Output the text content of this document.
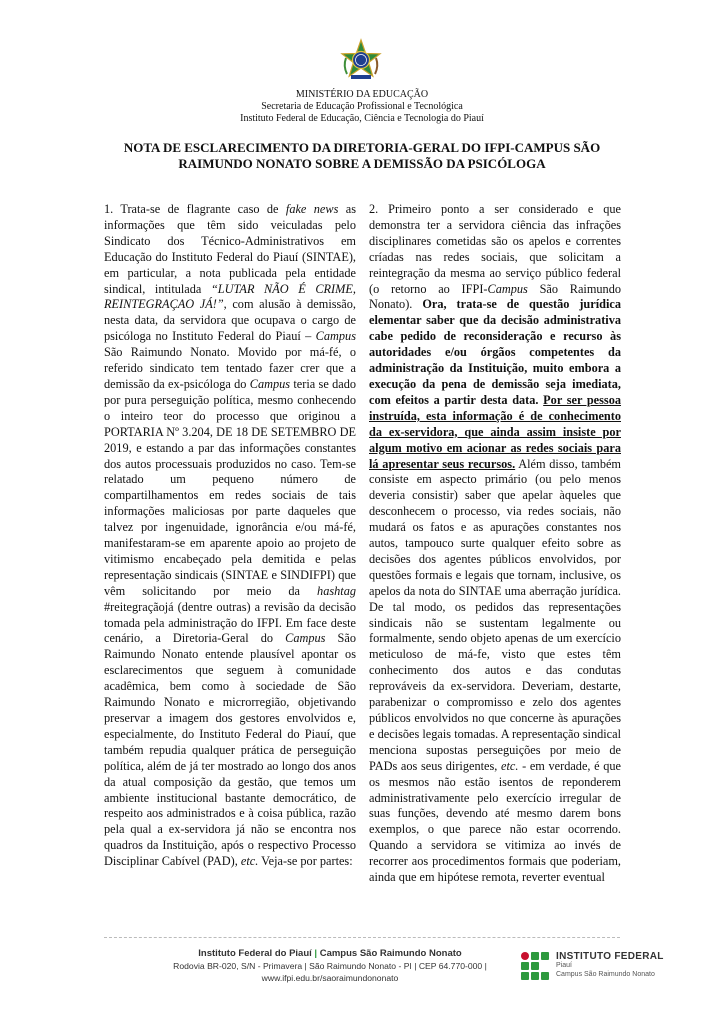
MINISTÉRIO DA EDUCAÇÃO
Secretaria de Educação Profissional e Tecnológica
Instituto Federal de Educação, Ciência e Tecnologia do Piauí
NOTA DE ESCLARECIMENTO DA DIRETORIA-GERAL DO IFPI-CAMPUS SÃO
RAIMUNDO NONATO SOBRE A DEMISSÃO DA PSICÓLOGA

1. Trata-se de flagrante caso de fake news as informações que têm sido veiculadas pelo Sindicato dos Técnico-Administrativos em Educação do Instituto Federal do Piauí (SINTAE), em particular, a nota publicada pela entidade sindical, intitulada “LUTAR NÃO É CRIME, REINTEGRAÇAO JÁ!”, com alusão à demissão, nesta data, da servidora que ocupava o cargo de psicóloga no Instituto Federal do Piauí – Campus São Raimundo Nonato. Movido por má-fé, o referido sindicato tem tentado fazer crer que a demissão da ex-psicóloga do Campus teria se dado por pura perseguição política, mesmo conhecendo o inteiro teor do processo que originou a PORTARIA Nº 3.204, DE 18 DE SETEMBRO DE 2019, e estando a par das informações constantes dos autos processuais produzidos no caso. Tem-se relatado um pequeno número de compartilhamentos em redes sociais de tais informações maliciosas por parte daqueles que talvez por ingenuidade, ignorância e/ou má-fé, manifestaram-se em aparente apoio ao projeto de vitimismo encabeçado pela demitida e pelas representação sindicais (SINTAE e SINDIFPI) que vêm solicitando por meio da hashtag #reitegraçãojá (dentre outras) a revisão da decisão tomada pela administração do IFPI. Em face deste cenário, a Diretoria-Geral do Campus São Raimundo Nonato entende plausível apontar os esclarecimentos que seguem à comunidade acadêmica, bem como à sociedade de São Raimundo Nonato e microrregião, objetivando preservar a imagem dos gestores envolvidos e, especialmente, do Instituto Federal do Piauí, que também repudia qualquer prática de perseguição política, além de já ter mostrado ao longo dos anos da atual composição da gestão, que temos um ambiente institucional bastante democrático, de respeito aos administrados e à coisa pública, razão pela qual a ex-servidora já não se encontra nos quadros da Instituição, após o respectivo Processo Disciplinar Cabível (PAD), etc. Veja-se por partes:

2. Primeiro ponto a ser considerado e que demonstra ter a servidora ciência das infrações disciplinares cometidas são os apelos e correntes críadas nas redes sociais, que solicitam a reintegração da mesma ao serviço público federal (o retorno ao IFPI-Campus São Raimundo Nonato). Ora, trata-se de questão jurídica elementar saber que da decisão administrativa cabe pedido de reconsideração e recurso às autoridades e/ou órgãos competentes da administração da Instituição, muito embora a execução da pena de demissão seja imediata, com efeitos a partir desta data. Por ser pessoa instruída, esta informação é de conhecimento da ex-servidora, que ainda assim insiste por algum motivo em acionar as redes sociais para lá apresentar seus recursos. Além disso, também consiste em aspecto primário (ou pelo menos deveria consistir) saber que apelar àqueles que desconhecem o processo, via redes sociais, não mudará os fatos e as apurações constantes nos autos, tampouco surte qualquer efeito sobre as decisões dos agentes públicos envolvidos, por questões formais e legais que tornam, inclusive, os apelos da nota do SINTAE uma aberração jurídica. De tal modo, os pedidos das representações sindicais não se sustentam legalmente ou formalmente, sendo objeto apenas de um exercício meticuloso de má-fe, visto que estes têm conhecimento dos autos e das condutas reprováveis da ex-servidora. Deveriam, destarte, parabenizar o compromisso e zelo dos agentes públicos envolvidos no que concerne às apurações e decisões legais tomadas. A representação sindical menciona supostas perseguições por meio de PADs aos seus dirigentes, etc. - em verdade, é que os mesmos não estão isentos de reponderem administrativamente pelo exercício irregular de suas funções, devendo até mesmo darem bons exemplos, o que parece não estar ocorrendo. Quando a servidora se vitimiza ao invés de recorrer aos procedimentos formais que poderiam, ainda que em hipótese remota, reverter eventual

Instituto Federal do Piauí | Campus São Raimundo Nonato
Rodovia BR-020, S/N - Primavera | São Raimundo Nonato - PI | CEP 64.770-000 |
www.ifpi.edu.br/saoraimundononato
INSTITUTO FEDERAL
Piauí
Campus São Raimundo Nonato
